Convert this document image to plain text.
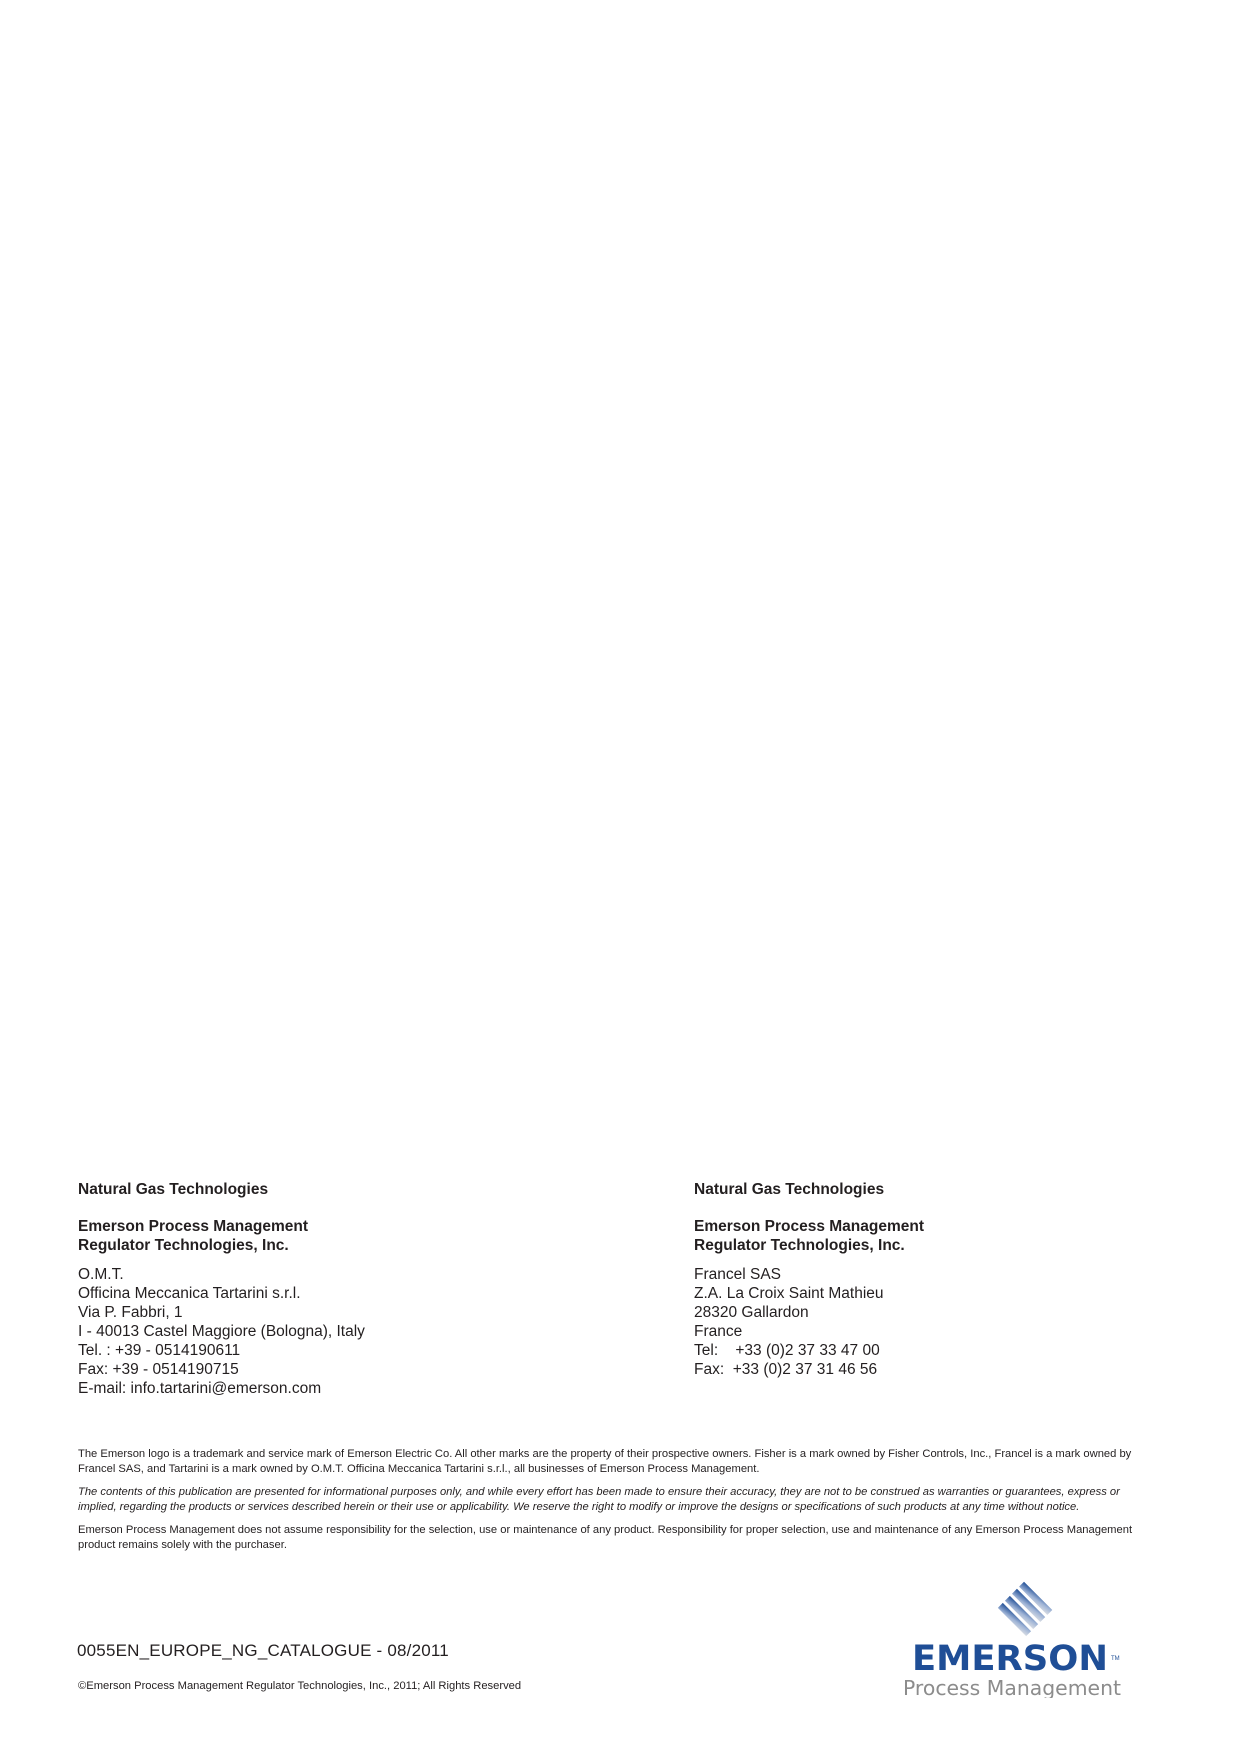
Natural Gas Technologies
Emerson Process Management
Regulator Technologies, Inc.
O.M.T.
Officina Meccanica Tartarini s.r.l.
Via P. Fabbri, 1
I - 40013 Castel Maggiore (Bologna), Italy
Tel. : +39 - 0514190611
Fax: +39 - 0514190715
E-mail: info.tartarini@emerson.com
Natural Gas Technologies
Emerson Process Management
Regulator Technologies, Inc.
Francel SAS
Z.A. La Croix Saint Mathieu
28320 Gallardon
France
Tel:    +33 (0)2 37 33 47 00
Fax:  +33 (0)2 37 31 46 56

The Emerson logo is a trademark and service mark of Emerson Electric Co. All other marks are the property of their prospective owners. Fisher is a mark owned by Fisher Controls, Inc., Francel is a mark owned by Francel SAS, and Tartarini is a mark owned by O.M.T. Officina Meccanica Tartarini s.r.l., all businesses of Emerson Process Management.

The contents of this publication are presented for informational purposes only, and while every effort has been made to ensure their accuracy, they are not to be construed as warranties or guarantees, express or implied, regarding the products or services described herein or their use or applicability. We reserve the right to modify or improve the designs or specifications of such products at any time without notice.

Emerson Process Management does not assume responsibility for the selection, use or maintenance of any product. Responsibility for proper selection, use and maintenance of any Emerson Process Management product remains solely with the purchaser.

0055EN_EUROPE_NG_CATALOGUE - 08/2011
©Emerson Process Management Regulator Technologies, Inc., 2011; All Rights Reserved
EMERSON TM
Process Management
